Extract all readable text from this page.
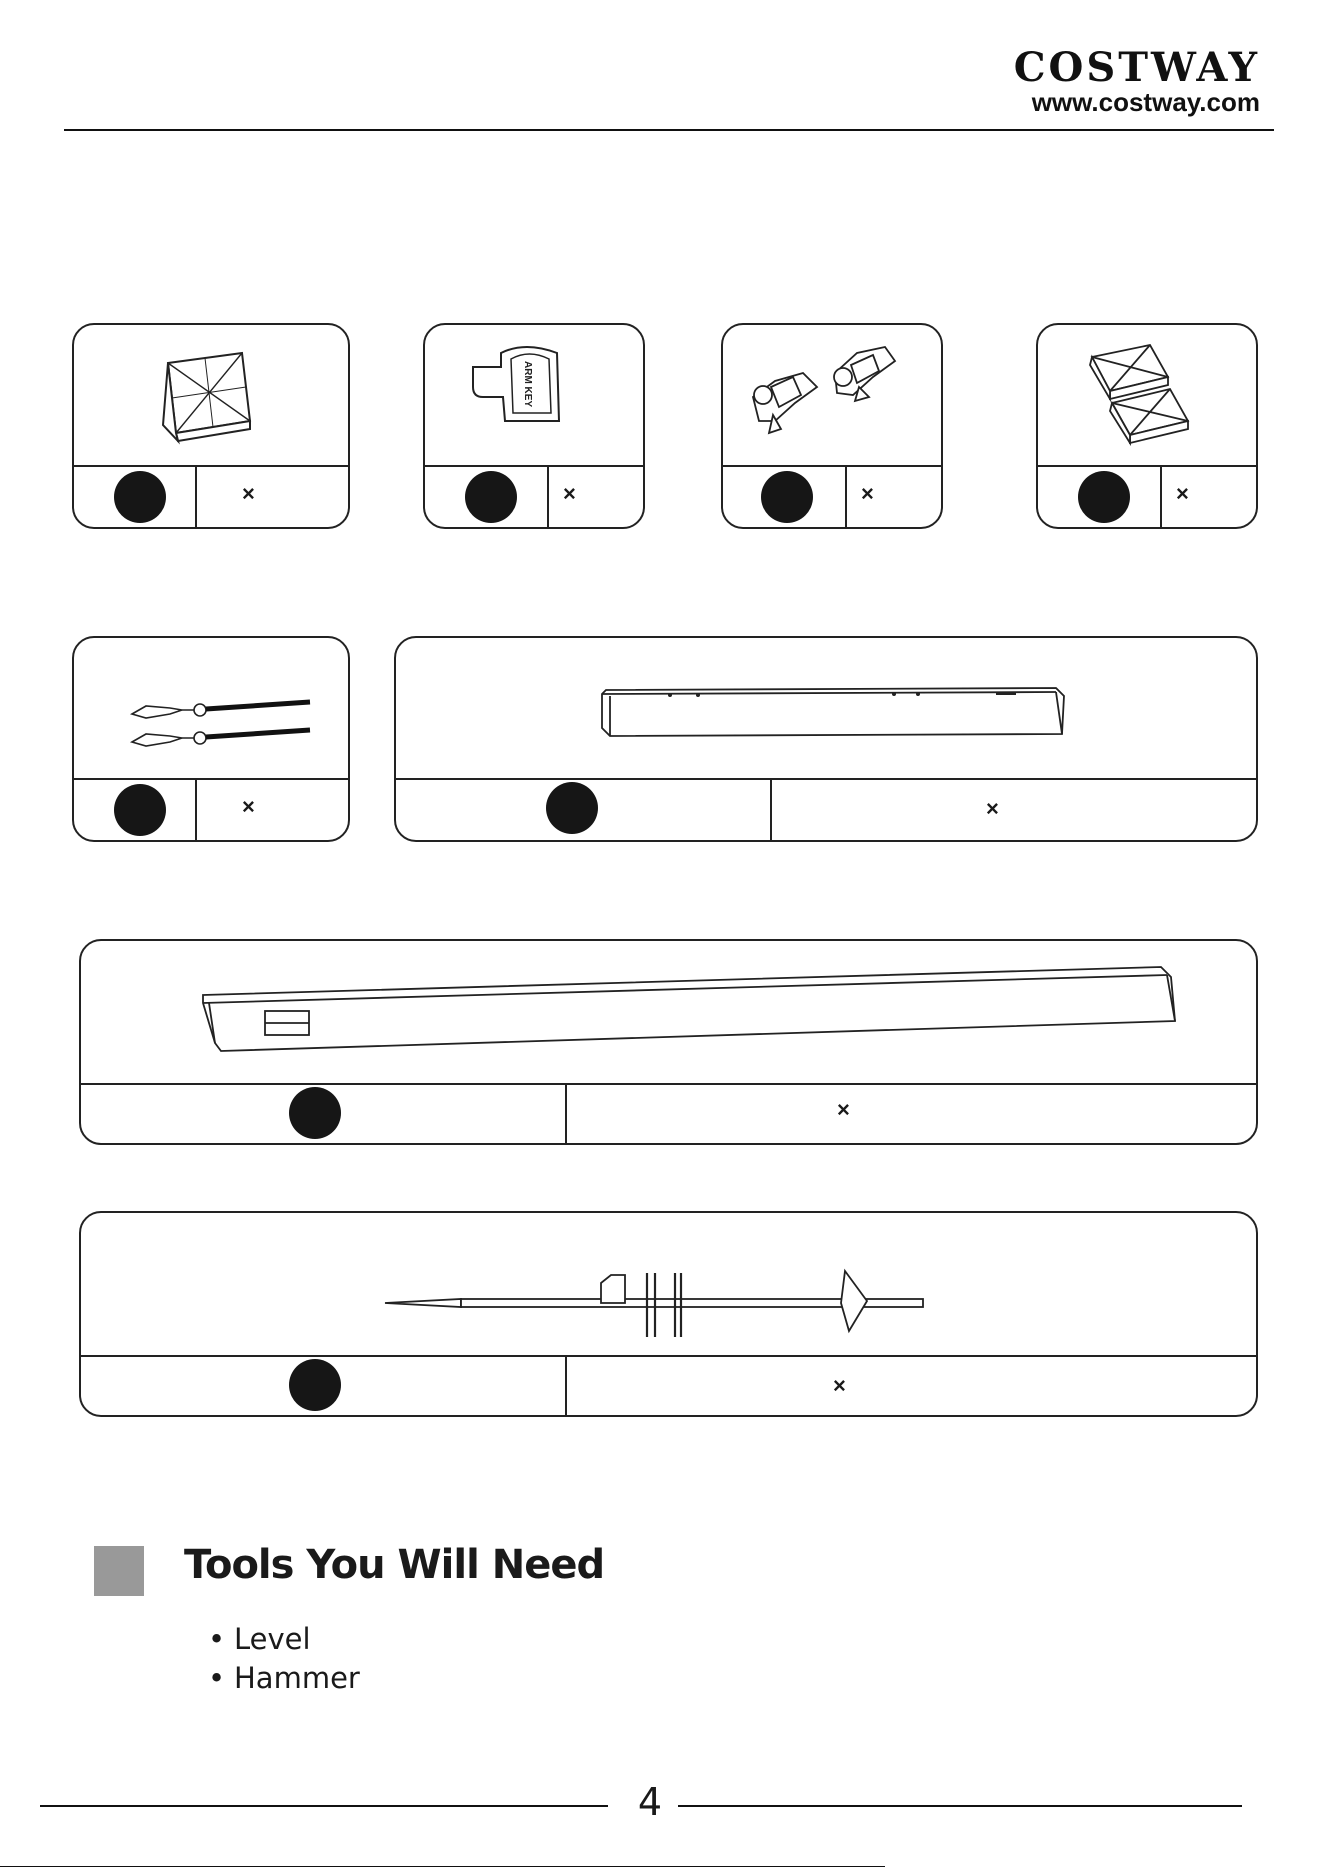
COSTWAY
www.costway.com
×
ARM KEY
×	×	×
×	×
×
×
Tools You Will Need
• Level
• Hammer
4
